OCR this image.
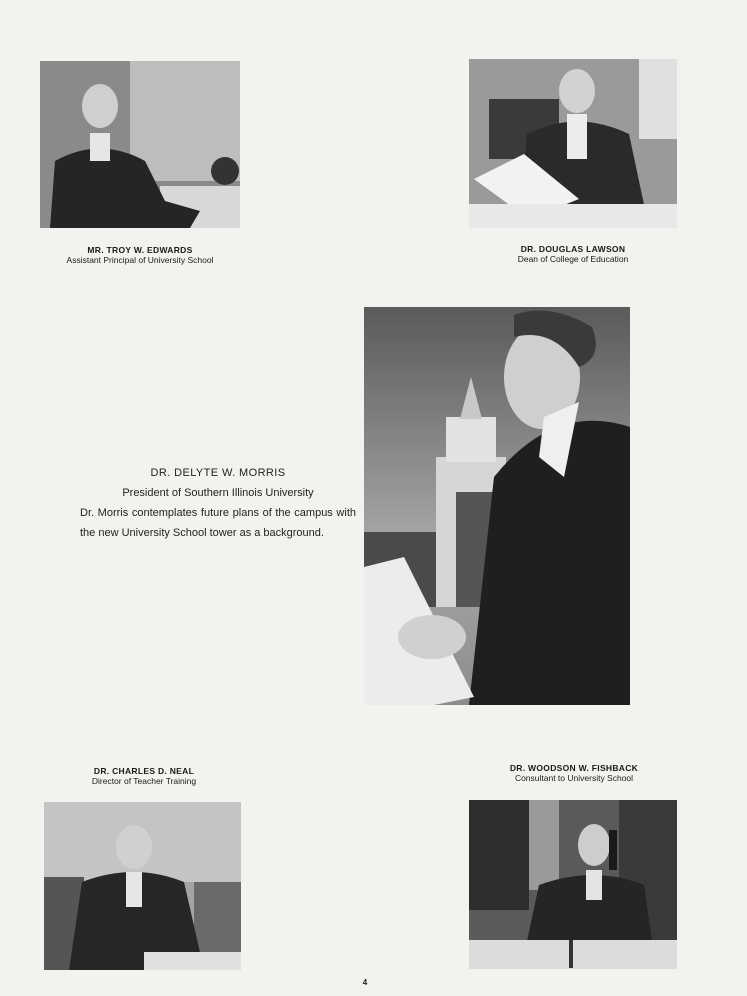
MR. TROY W. EDWARDS
Assistant Principal of University School
DR. DOUGLAS LAWSON
Dean of College of Education
DR. DELYTE W. MORRIS
President of Southern Illinois University
Dr. Morris contemplates future plans of the campus with the new University School tower as a background.
DR. CHARLES D. NEAL
Director of Teacher Training
DR. WOODSON W. FISHBACK
Consultant to University School
4
